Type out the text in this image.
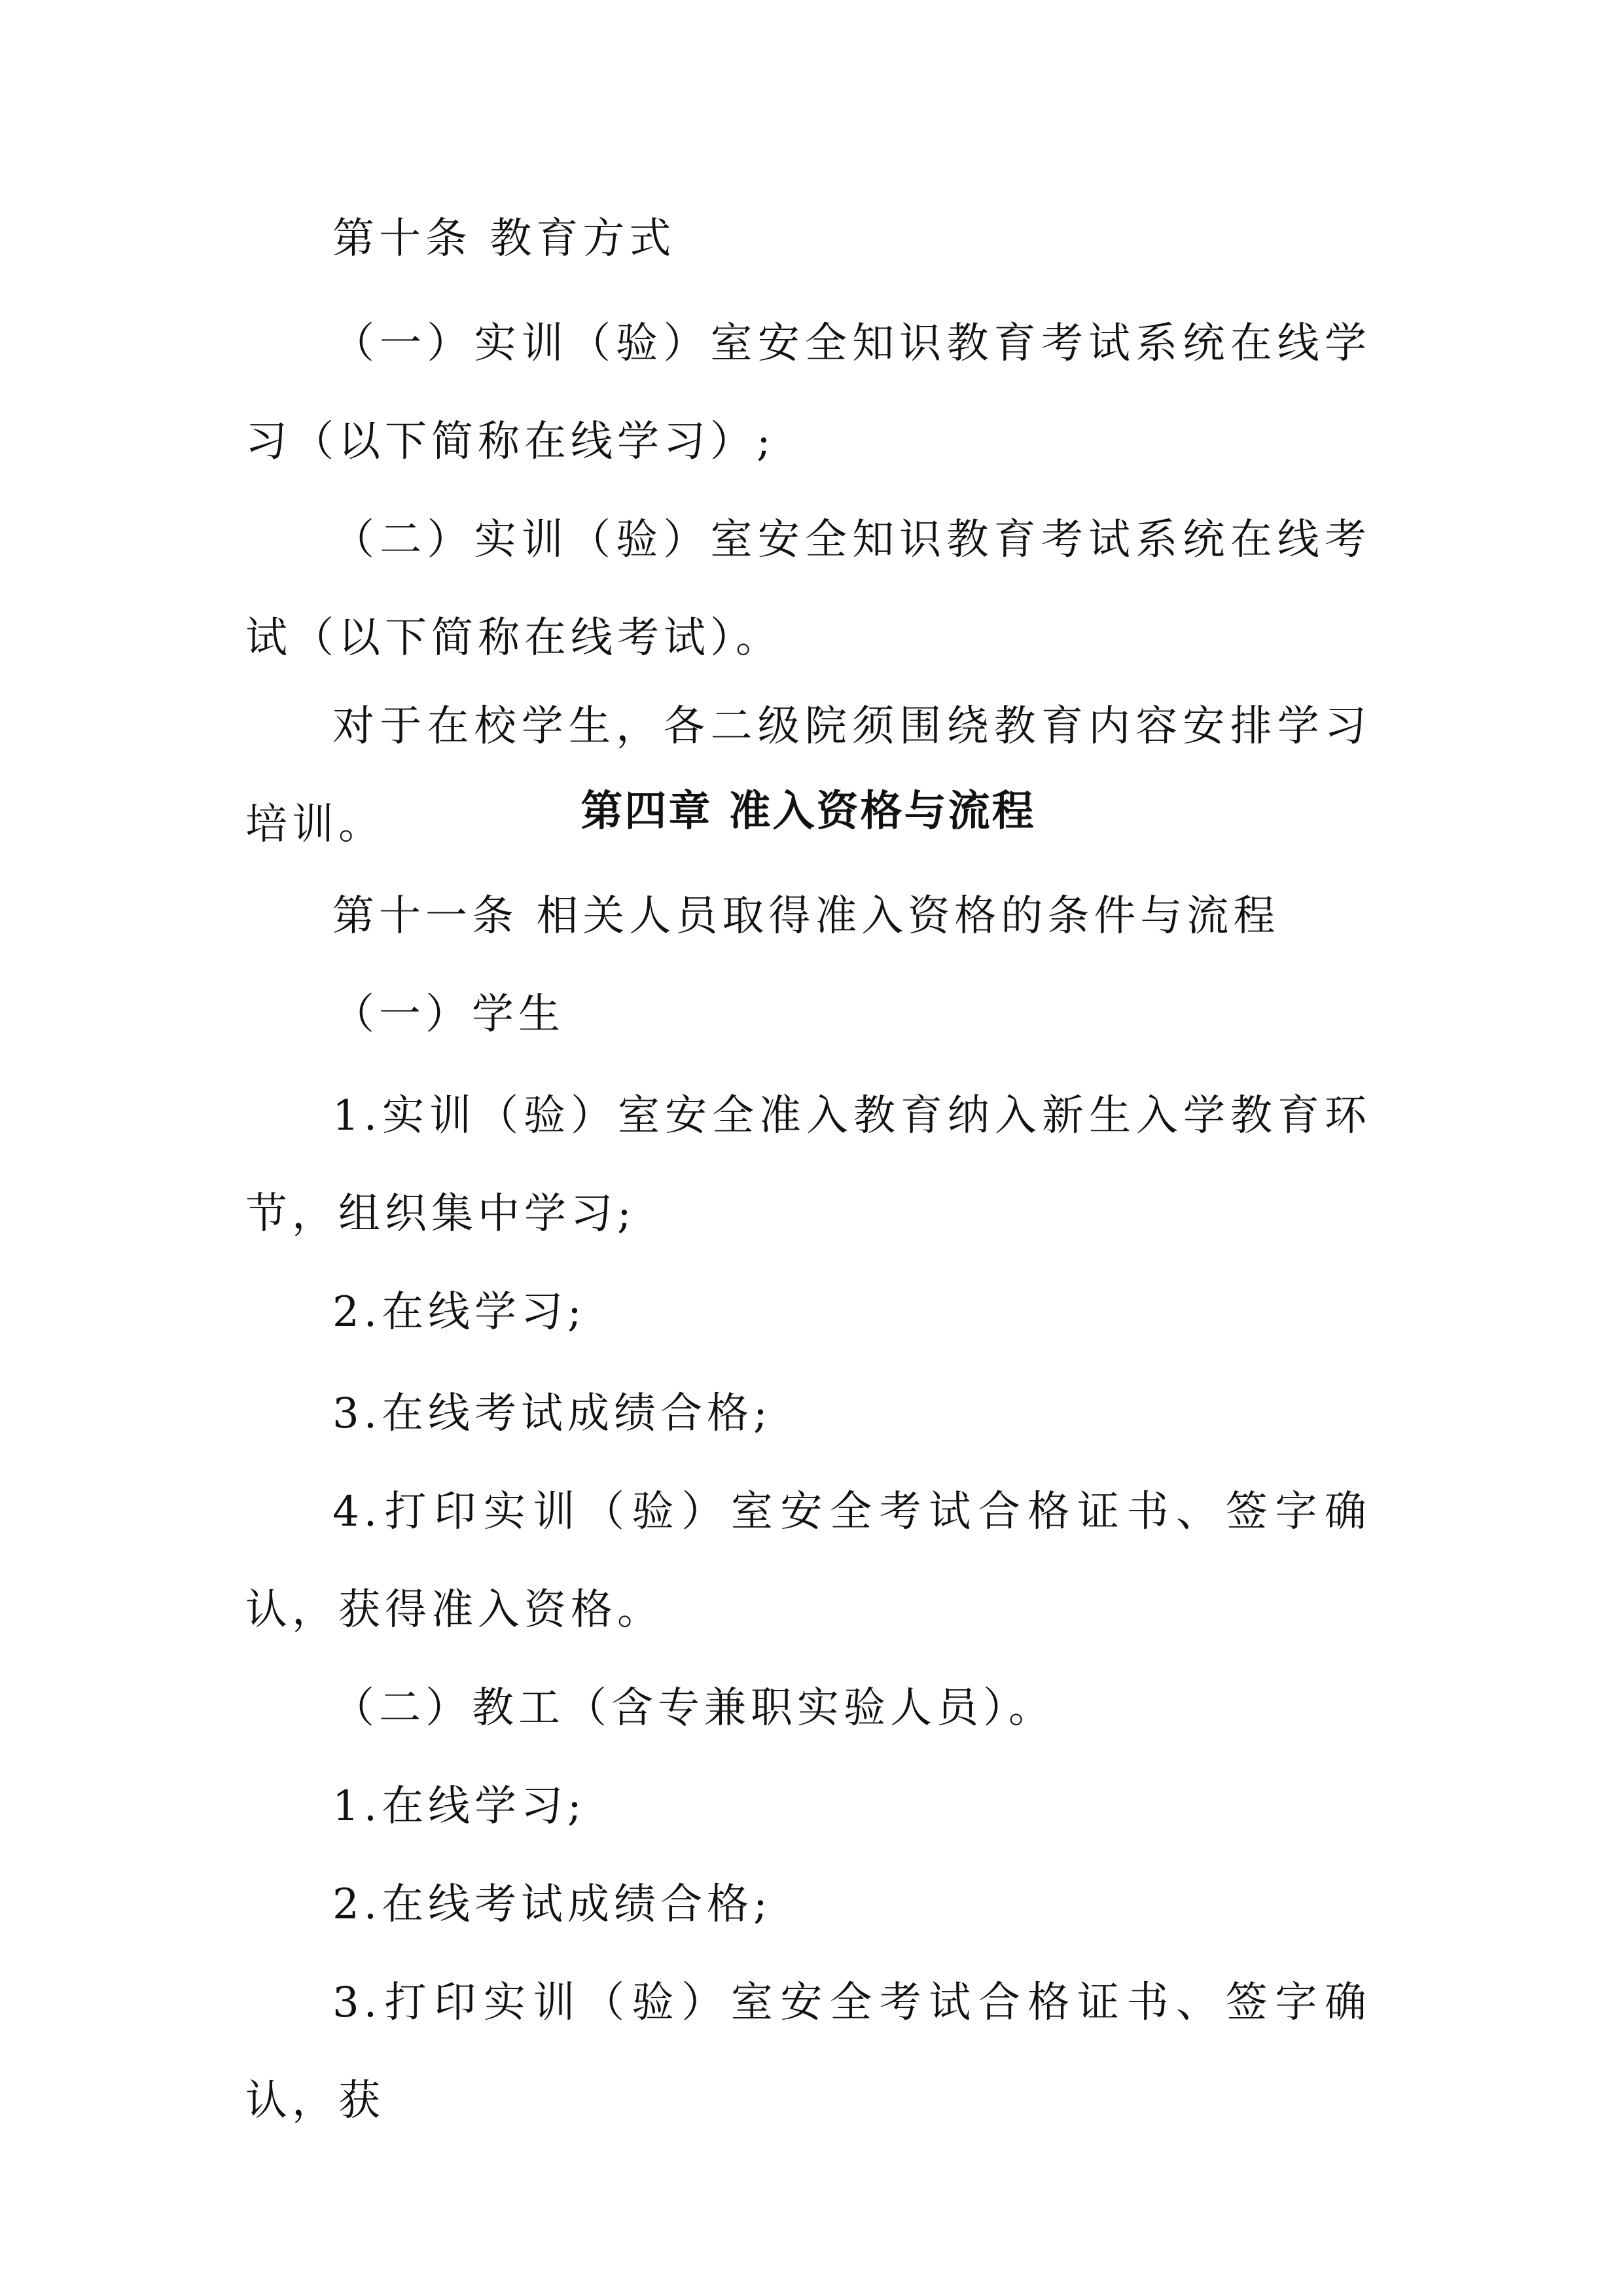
第十条 教育方式

（一）实训（验）室安全知识教育考试系统在线学习（以下简称在线学习）;

（二）实训（验）室安全知识教育考试系统在线考试（以下简称在线考试）。

对于在校学生，各二级院须围绕教育内容安排学习培训。	第四章 准入资格与流程

第十一条 相关人员取得准入资格的条件与流程

（一）学生

1.实训（验）室安全准入教育纳入新生入学教育环节，组织集中学习;

2.在线学习;

3.在线考试成绩合格;

4.打印实训（验）室安全考试合格证书、签字确认，获得准入资格。

（二）教工（含专兼职实验人员）。

1.在线学习;

2.在线考试成绩合格;

3.打印实训（验）室安全考试合格证书、签字确认，获
